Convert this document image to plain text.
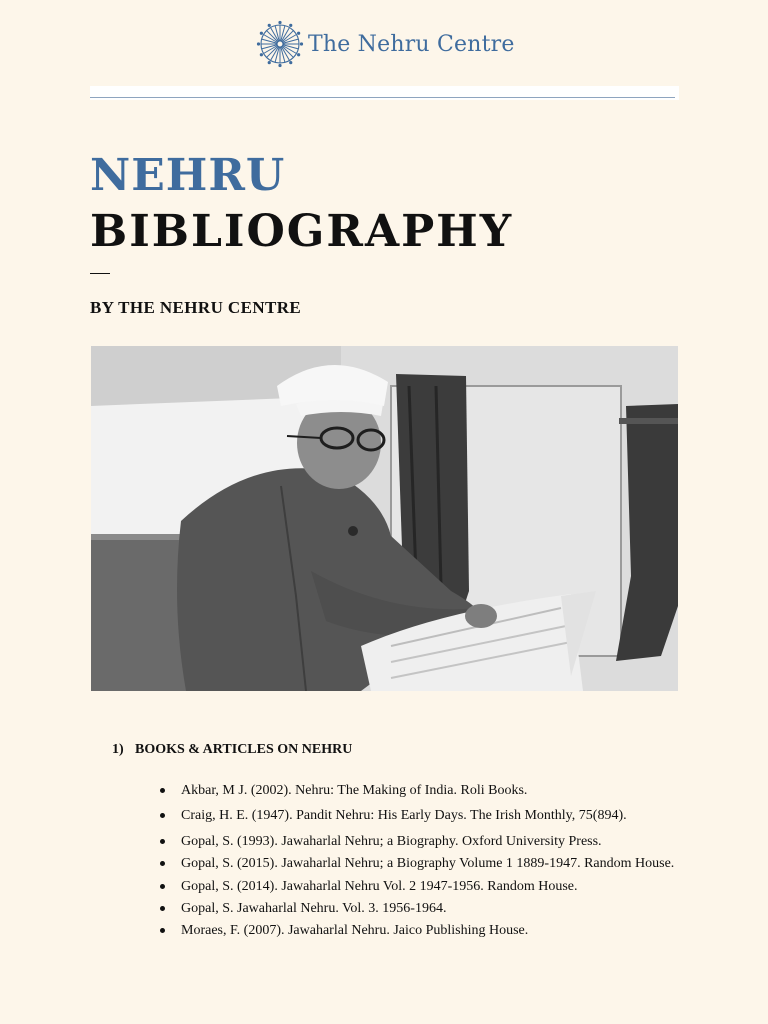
The Nehru Centre
NEHRU
BIBLIOGRAPHY
BY THE NEHRU CENTRE
1) BOOKS & ARTICLES ON NEHRU
Akbar, M J. (2002). Nehru: The Making of India. Roli Books.
Craig, H. E. (1947). Pandit Nehru: His Early Days. The Irish Monthly, 75(894).
Gopal, S. (1993). Jawaharlal Nehru; a Biography. Oxford University Press.
Gopal, S. (2015). Jawaharlal Nehru; a Biography Volume 1 1889-1947. Random House.
Gopal, S. (2014). Jawaharlal Nehru Vol. 2 1947-1956. Random House.
Gopal, S. Jawaharlal Nehru. Vol. 3. 1956-1964.
Moraes, F. (2007). Jawaharlal Nehru. Jaico Publishing House.
